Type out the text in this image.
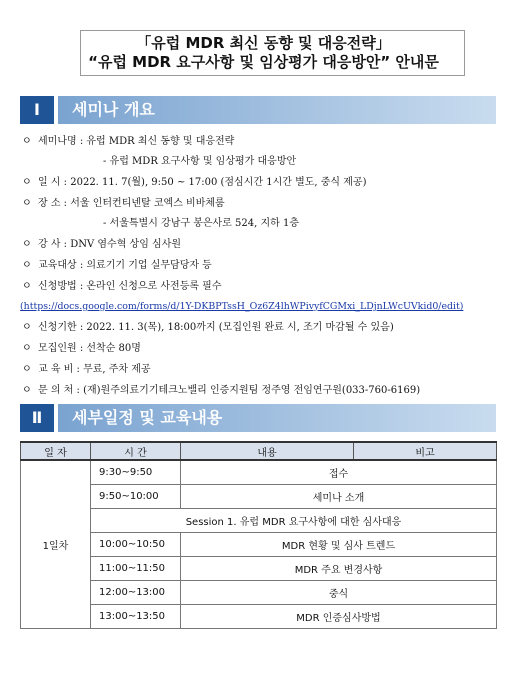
「유럽 MDR 최신 동향 및 대응전략」
“유럽 MDR 요구사항 및 임상평가 대응방안” 안내문
Ⅰ	세미나 개요
ㅇ 세미나명 : 유럽 MDR 최신 동향 및 대응전략
- 유럽 MDR 요구사항 및 임상평가 대응방안
ㅇ 일 시 : 2022. 11. 7(월), 9:50 ~ 17:00 (점심시간 1시간 별도, 중식 제공)
ㅇ 장 소 : 서울 인터컨티넨탈 코엑스 비바체룸
- 서울특별시 강남구 봉은사로 524, 지하 1층
ㅇ 강 사 : DNV 염수혁 상임 심사원
ㅇ 교육대상 : 의료기기 기업 실무담당자 등
ㅇ 신청방법 : 온라인 신청으로 사전등록 필수
(https://docs.google.com/forms/d/1Y-DKBPTssH_Oz6Z4lhWPivyfCGMxi_LDjnLWcUVkid0/edit)
ㅇ 신청기한 : 2022. 11. 3(목), 18:00까지 (모집인원 완료 시, 조기 마감될 수 있음)
ㅇ 모집인원 : 선착순 80명
ㅇ 교 육 비 : 무료, 주차 제공
ㅇ 문 의 처 : (재)원주의료기기테크노밸리 인증지원팀 정주영 전임연구원(033-760-6169)
Ⅱ	세부일정 및 교육내용
일 자	시 간	내용	비고
1일차	9:30~9:50	접수	
	9:50~10:00	세미나 소개	
	Session 1. 유럽 MDR 요구사항에 대한 심사대응		
	10:00~10:50	MDR 현황 및 심사 트렌드	
	11:00~11:50	MDR 주요 변경사항	
	12:00~13:00	중식	
	13:00~13:50	MDR 인증심사방법	
